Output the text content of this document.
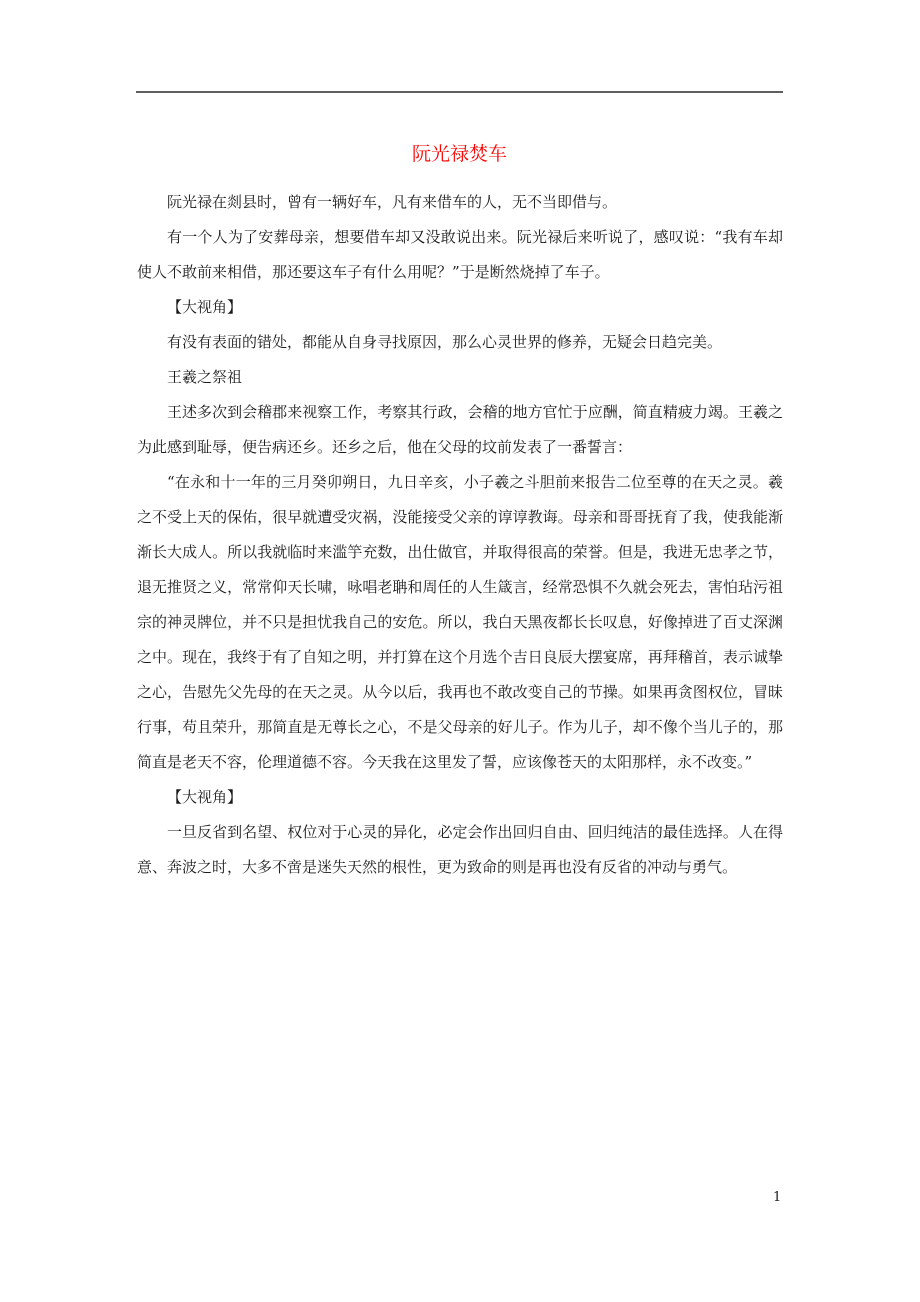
阮光禄焚车

阮光禄在剡县时，曾有一辆好车，凡有来借车的人，无不当即借与。

有一个人为了安葬母亲，想要借车却又没敢说出来。阮光禄后来听说了，感叹说：“我有车却使人不敢前来相借，那还要这车子有什么用呢？”于是断然烧掉了车子。

【大视角】

有没有表面的错处，都能从自身寻找原因，那么心灵世界的修养，无疑会日趋完美。

王羲之祭祖

王述多次到会稽郡来视察工作，考察其行政，会稽的地方官忙于应酬，简直精疲力竭。王羲之为此感到耻辱，便告病还乡。还乡之后，他在父母的坟前发表了一番誓言：

“在永和十一年的三月癸卯朔日，九日辛亥，小子羲之斗胆前来报告二位至尊的在天之灵。羲之不受上天的保佑，很早就遭受灾祸，没能接受父亲的谆谆教诲。母亲和哥哥抚育了我，使我能渐渐长大成人。所以我就临时来滥竽充数，出仕做官，并取得很高的荣誉。但是，我进无忠孝之节，退无推贤之义，常常仰天长啸，咏唱老聃和周任的人生箴言，经常恐惧不久就会死去，害怕玷污祖宗的神灵牌位，并不只是担忧我自己的安危。所以，我白天黑夜都长长叹息，好像掉进了百丈深渊之中。现在，我终于有了自知之明，并打算在这个月选个吉日良辰大摆宴席，再拜稽首，表示诚挚之心，告慰先父先母的在天之灵。从今以后，我再也不敢改变自己的节操。如果再贪图权位，冒昧行事，苟且荣升，那简直是无尊长之心，不是父母亲的好儿子。作为儿子，却不像个当儿子的，那简直是老天不容，伦理道德不容。今天我在这里发了誓，应该像苍天的太阳那样，永不改变。”

【大视角】

一旦反省到名望、权位对于心灵的异化，必定会作出回归自由、回归纯洁的最佳选择。人在得意、奔波之时，大多不啻是迷失天然的根性，更为致命的则是再也没有反省的冲动与勇气。

1
